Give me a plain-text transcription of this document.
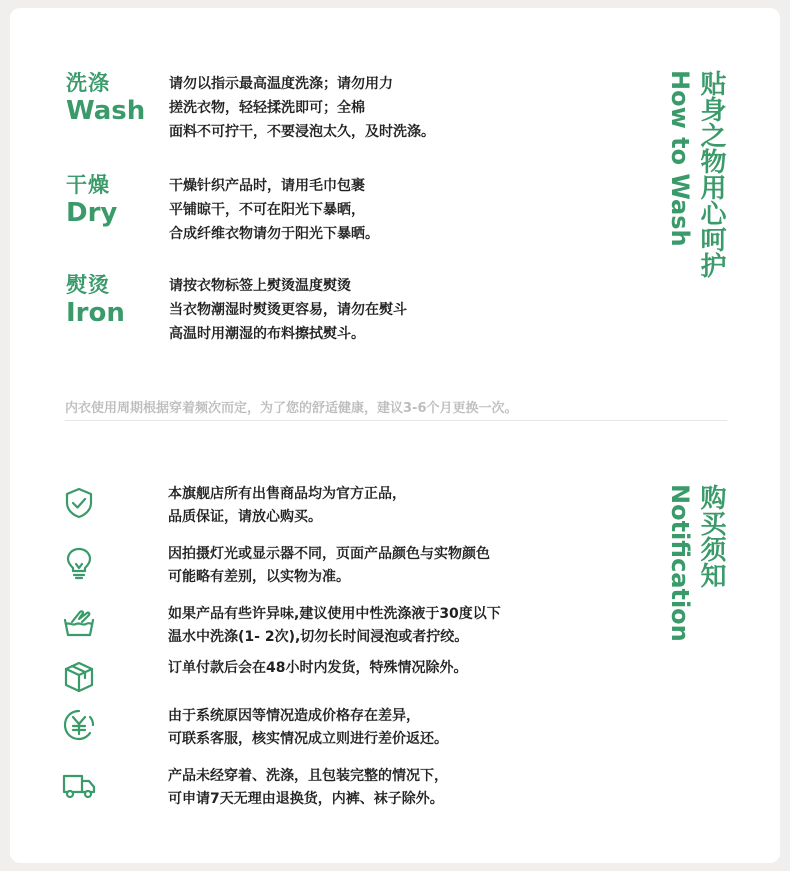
洗涤
Wash
请勿以指示最高温度洗涤；请勿用力
搓洗衣物，轻轻揉洗即可；全棉
面料不可拧干，不要浸泡太久，及时洗涤。
干燥
Dry
干燥针织产品时，请用毛巾包裹
平铺晾干，不可在阳光下暴晒，
合成纤维衣物请勿于阳光下暴晒。
熨烫
Iron
请按衣物标签上熨烫温度熨烫
当衣物潮湿时熨烫更容易，请勿在熨斗
高温时用潮湿的布料擦拭熨斗。
How to Wash 贴身之物用心呵护
内衣使用周期根据穿着频次而定，为了您的舒适健康，建议3-6个月更换一次。
Notification 购买须知
本旗舰店所有出售商品均为官方正品，
品质保证，请放心购买。
因拍摄灯光或显示器不同，页面产品颜色与实物颜色
可能略有差别，以实物为准。
如果产品有些许异味,建议使用中性洗涤液于30度以下
温水中洗涤(1- 2次),切勿长时间浸泡或者拧绞。
订单付款后会在48小时内发货，特殊情况除外。
由于系统原因等情况造成价格存在差异，
可联系客服，核实情况成立则进行差价返还。
产品未经穿着、洗涤，且包装完整的情况下，
可申请7天无理由退换货，内裤、袜子除外。
